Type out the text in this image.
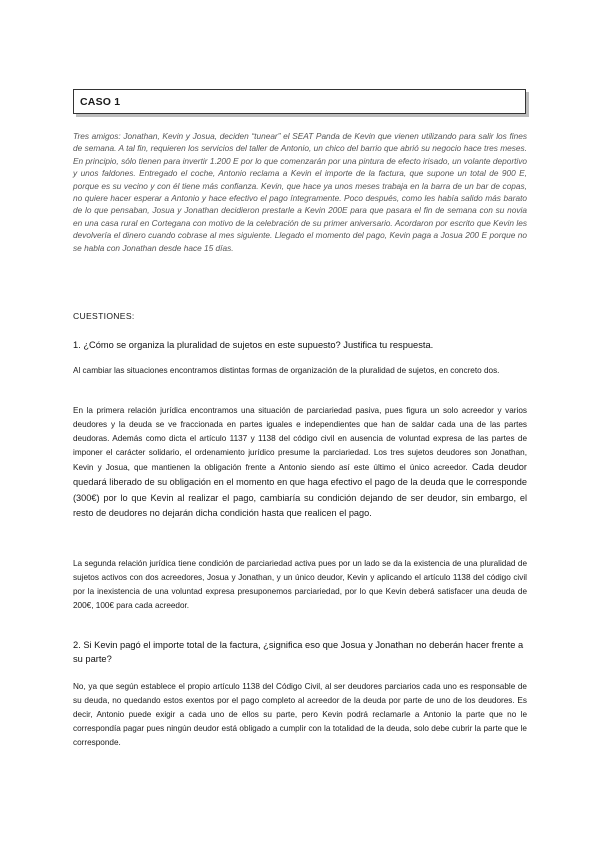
CASO 1

Tres amigos: Jonathan, Kevin y Josua, deciden “tunear” el SEAT Panda de Kevin que vienen utilizando para salir los fines de semana. A tal fin, requieren los servicios del taller de Antonio, un chico del barrio que abrió su negocio hace tres meses. En principio, sólo tienen para invertir 1.200 E por lo que comenzarán por una pintura de efecto irisado, un volante deportivo y unos faldones. Entregado el coche, Antonio reclama a Kevin el importe de la factura, que supone un total de 900 E, porque es su vecino y con él tiene más confianza. Kevin, que hace ya unos meses trabaja en la barra de un bar de copas, no quiere hacer esperar a Antonio y hace efectivo el pago íntegramente. Poco después, como les había salido más barato de lo que pensaban, Josua y Jonathan decidieron prestarle a Kevin 200E para que pasara el fin de semana con su novia en una casa rural en Cortegana con motivo de la celebración de su primer aniversario. Acordaron por escrito que Kevin les devolvería el dinero cuando cobrase al mes siguiente. Llegado el momento del pago, Kevin paga a Josua 200 E porque no se habla con Jonathan desde hace 15 días.

CUESTIONES:

1. ¿Cómo se organiza la pluralidad de sujetos en este supuesto? Justifica tu respuesta.

Al cambiar las situaciones encontramos distintas formas de organización de la pluralidad de sujetos, en concreto dos.

En la primera relación jurídica encontramos una situación de parciariedad pasiva, pues figura un solo acreedor y varios deudores y la deuda se ve fraccionada en partes iguales e independientes que han de saldar cada una de las partes deudoras. Además como dicta el artículo 1137 y 1138 del código civil en ausencia de voluntad expresa de las partes de imponer el carácter solidario, el ordenamiento jurídico presume la parciariedad. Los tres sujetos deudores son Jonathan, Kevin y Josua, que mantienen la obligación frente a Antonio siendo así este último el único acreedor. Cada deudor quedará liberado de su obligación en el momento en que haga efectivo el pago de la deuda que le corresponde (300€) por lo que Kevin al realizar el pago, cambiaría su condición dejando de ser deudor, sin embargo, el resto de deudores no dejarán dicha condición hasta que realicen el pago.

La segunda relación jurídica tiene condición de parciariedad activa pues por un lado se da la existencia de una pluralidad de sujetos activos con dos acreedores, Josua y Jonathan, y un único deudor, Kevin y aplicando el artículo 1138 del código civil por la inexistencia de una voluntad expresa presuponemos parciariedad, por lo que Kevin deberá satisfacer una deuda de 200€, 100€ para cada acreedor.

2. Si Kevin pagó el importe total de la factura, ¿significa eso que Josua y Jonathan no deberán hacer frente a su parte?

No, ya que según establece el propio artículo 1138 del Código Civil, al ser deudores parciarios cada uno es responsable de su deuda, no quedando estos exentos por el pago completo al acreedor de la deuda por parte de uno de los deudores. Es decir, Antonio puede exigir a cada uno de ellos su parte, pero Kevin podrá reclamarle a Antonio la parte que no le correspondía pagar pues ningún deudor está obligado a cumplir con la totalidad de la deuda, solo debe cubrir la parte que le corresponde.
